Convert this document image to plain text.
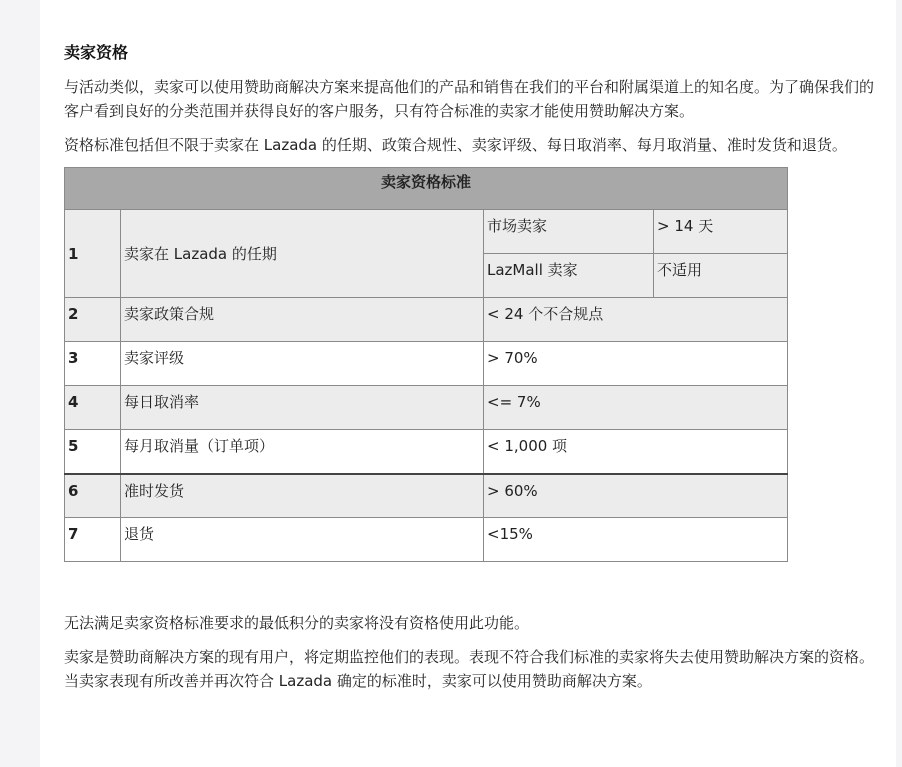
卖家资格

与活动类似，卖家可以使用赞助商解决方案来提高他们的产品和销售在我们的平台和附属渠道上的知名度。为了确保我们的客户看到良好的分类范围并获得良好的客户服务，只有符合标准的卖家才能使用赞助解决方案。

资格标准包括但不限于卖家在 Lazada 的任期、政策合规性、卖家评级、每日取消率、每月取消量、准时发货和退货。

卖家资格标准			
1	卖家在 Lazada 的任期	市场卖家	> 14 天
		LazMall 卖家	不适用
2	卖家政策合规	< 24 个不合规点	
3	卖家评级	> 70%	
4	每日取消率	<= 7%	
5	每月取消量（订单项）	< 1,000 项	
6	准时发货	> 60%	
7	退货	<15%	

无法满足卖家资格标准要求的最低积分的卖家将没有资格使用此功能。

卖家是赞助商解决方案的现有用户，将定期监控他们的表现。表现不符合我们标准的卖家将失去使用赞助解决方案的资格。当卖家表现有所改善并再次符合 Lazada 确定的标准时，卖家可以使用赞助商解决方案。
